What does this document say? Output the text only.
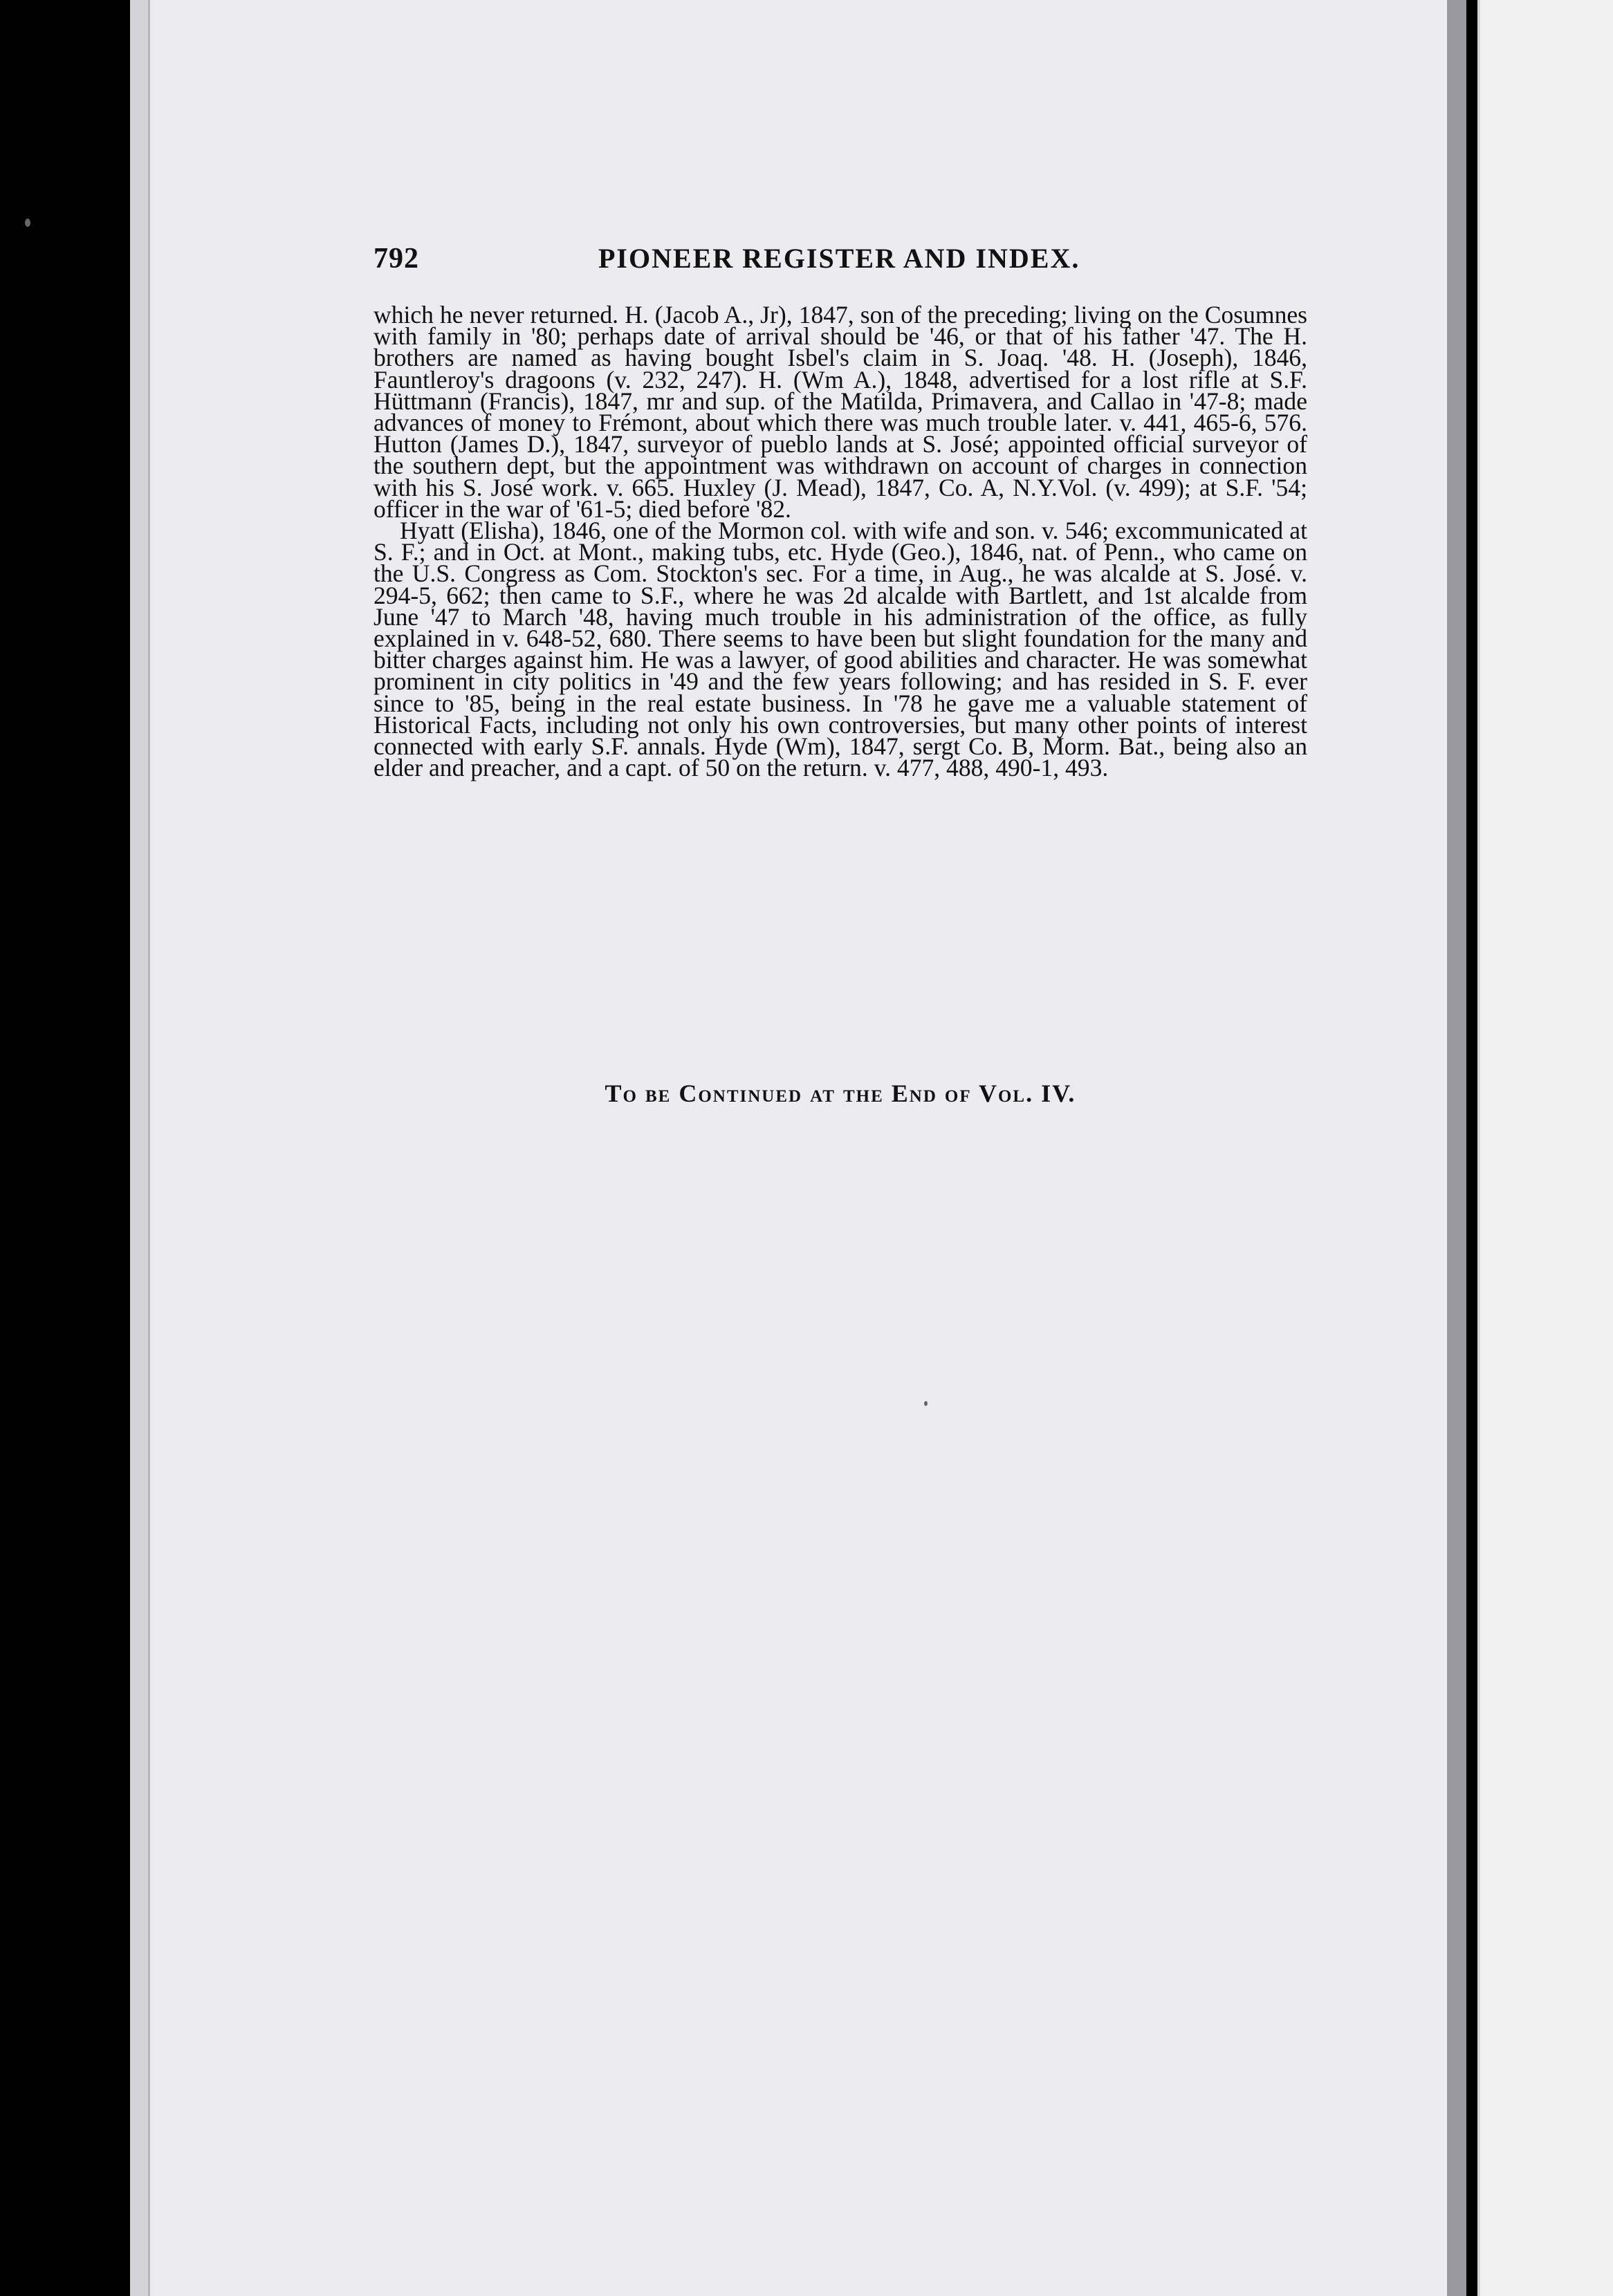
792	PIONEER REGISTER AND INDEX.

which he never returned. H. (Jacob A., Jr), 1847, son of the preceding; living on the Cosumnes with family in '80; perhaps date of arrival should be '46, or that of his father '47. The H. brothers are named as having bought Isbel's claim in S. Joaq. '48. H. (Joseph), 1846, Fauntleroy's dragoons (v. 232, 247). H. (Wm A.), 1848, advertised for a lost rifle at S.F. Hüttmann (Francis), 1847, mr and sup. of the Matilda, Primavera, and Callao in '47-8; made advances of money to Frémont, about which there was much trouble later. v. 441, 465-6, 576. Hutton (James D.), 1847, surveyor of pueblo lands at S. José; appointed official surveyor of the southern dept, but the appointment was withdrawn on account of charges in connection with his S. José work. v. 665. Huxley (J. Mead), 1847, Co. A, N.Y.Vol. (v. 499); at S.F. '54; officer in the war of '61-5; died before '82.

Hyatt (Elisha), 1846, one of the Mormon col. with wife and son. v. 546; excommunicated at S. F.; and in Oct. at Mont., making tubs, etc. Hyde (Geo.), 1846, nat. of Penn., who came on the U.S. Congress as Com. Stockton's sec. For a time, in Aug., he was alcalde at S. José. v. 294-5, 662; then came to S.F., where he was 2d alcalde with Bartlett, and 1st alcalde from June '47 to March '48, having much trouble in his administration of the office, as fully explained in v. 648-52, 680. There seems to have been but slight foundation for the many and bitter charges against him. He was a lawyer, of good abilities and character. He was somewhat prominent in city politics in '49 and the few years following; and has resided in S. F. ever since to '85, being in the real estate business. In '78 he gave me a valuable statement of Historical Facts, including not only his own controversies, but many other points of interest connected with early S.F. annals. Hyde (Wm), 1847, sergt Co. B, Morm. Bat., being also an elder and preacher, and a capt. of 50 on the return. v. 477, 488, 490-1, 493.

To be Continued at the End of Vol. IV.
